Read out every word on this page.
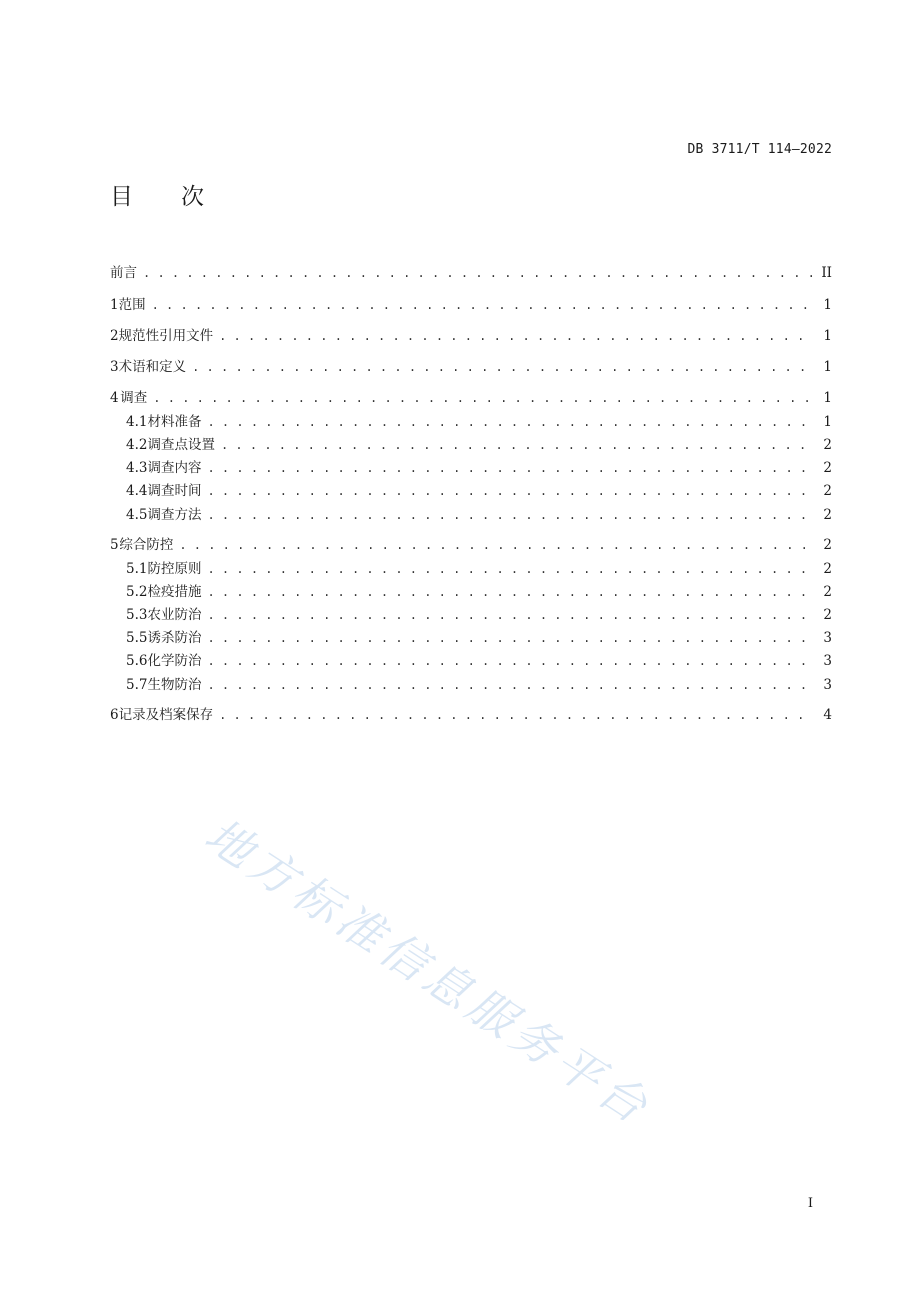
DB 3711/T 114—2022
目 次
前言 . . .	II
1 范围 . . .	1
2 规范性引用文件 . . .	1
3 术语和定义 . . .	1
4 调查 . . .	1
4.1 材料准备 . . .	1
4.2 调查点设置 . . .	2
4.3 调查内容 . . .	2
4.4 调查时间 . . .	2
4.5 调查方法 . . .	2
5 综合防控 . . .	2
5.1 防控原则 . . .	2
5.2 检疫措施 . . .	2
5.3 农业防治 . . .	2
5.5 诱杀防治 . . .	3
5.6 化学防治 . . .	3
5.7 生物防治 . . .	3
6 记录及档案保存 . . .	4
地方标准信息服务平台
I
